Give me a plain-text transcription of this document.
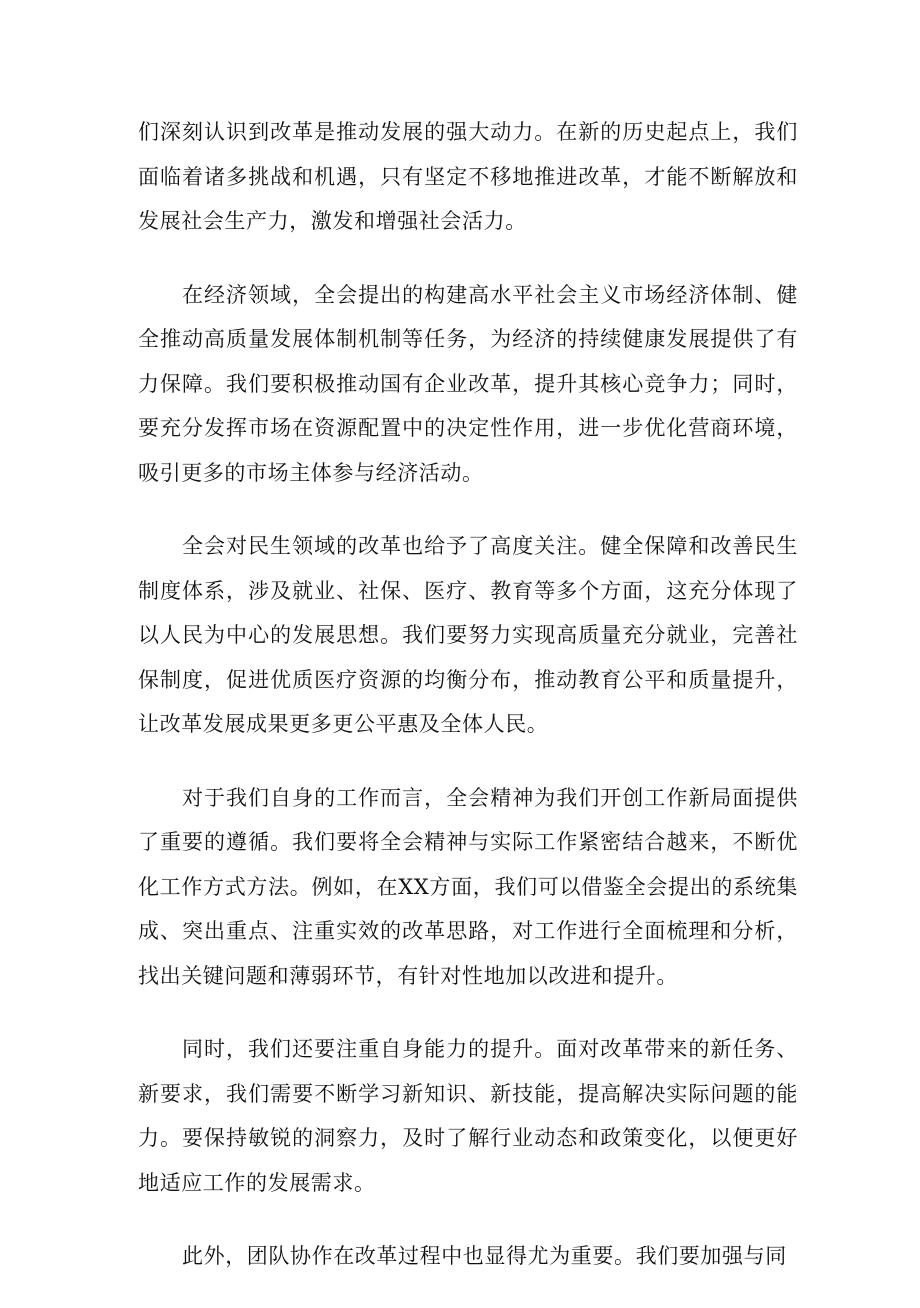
们深刻认识到改革是推动发展的强大动力。在新的历史起点上，我们面临着诸多挑战和机遇，只有坚定不移地推进改革，才能不断解放和发展社会生产力，激发和增强社会活力。

在经济领域，全会提出的构建高水平社会主义市场经济体制、健全推动高质量发展体制机制等任务，为经济的持续健康发展提供了有力保障。我们要积极推动国有企业改革，提升其核心竞争力；同时，要充分发挥市场在资源配置中的决定性作用，进一步优化营商环境，吸引更多的市场主体参与经济活动。

全会对民生领域的改革也给予了高度关注。健全保障和改善民生制度体系，涉及就业、社保、医疗、教育等多个方面，这充分体现了以人民为中心的发展思想。我们要努力实现高质量充分就业，完善社保制度，促进优质医疗资源的均衡分布，推动教育公平和质量提升，让改革发展成果更多更公平惠及全体人民。

对于我们自身的工作而言，全会精神为我们开创工作新局面提供了重要的遵循。我们要将全会精神与实际工作紧密结合越来，不断优化工作方式方法。例如，在XX方面，我们可以借鉴全会提出的系统集成、突出重点、注重实效的改革思路，对工作进行全面梳理和分析，找出关键问题和薄弱环节，有针对性地加以改进和提升。

同时，我们还要注重自身能力的提升。面对改革带来的新任务、新要求，我们需要不断学习新知识、新技能，提高解决实际问题的能力。要保持敏锐的洞察力，及时了解行业动态和政策变化，以便更好地适应工作的发展需求。

此外，团队协作在改革过程中也显得尤为重要。我们要加强与同
